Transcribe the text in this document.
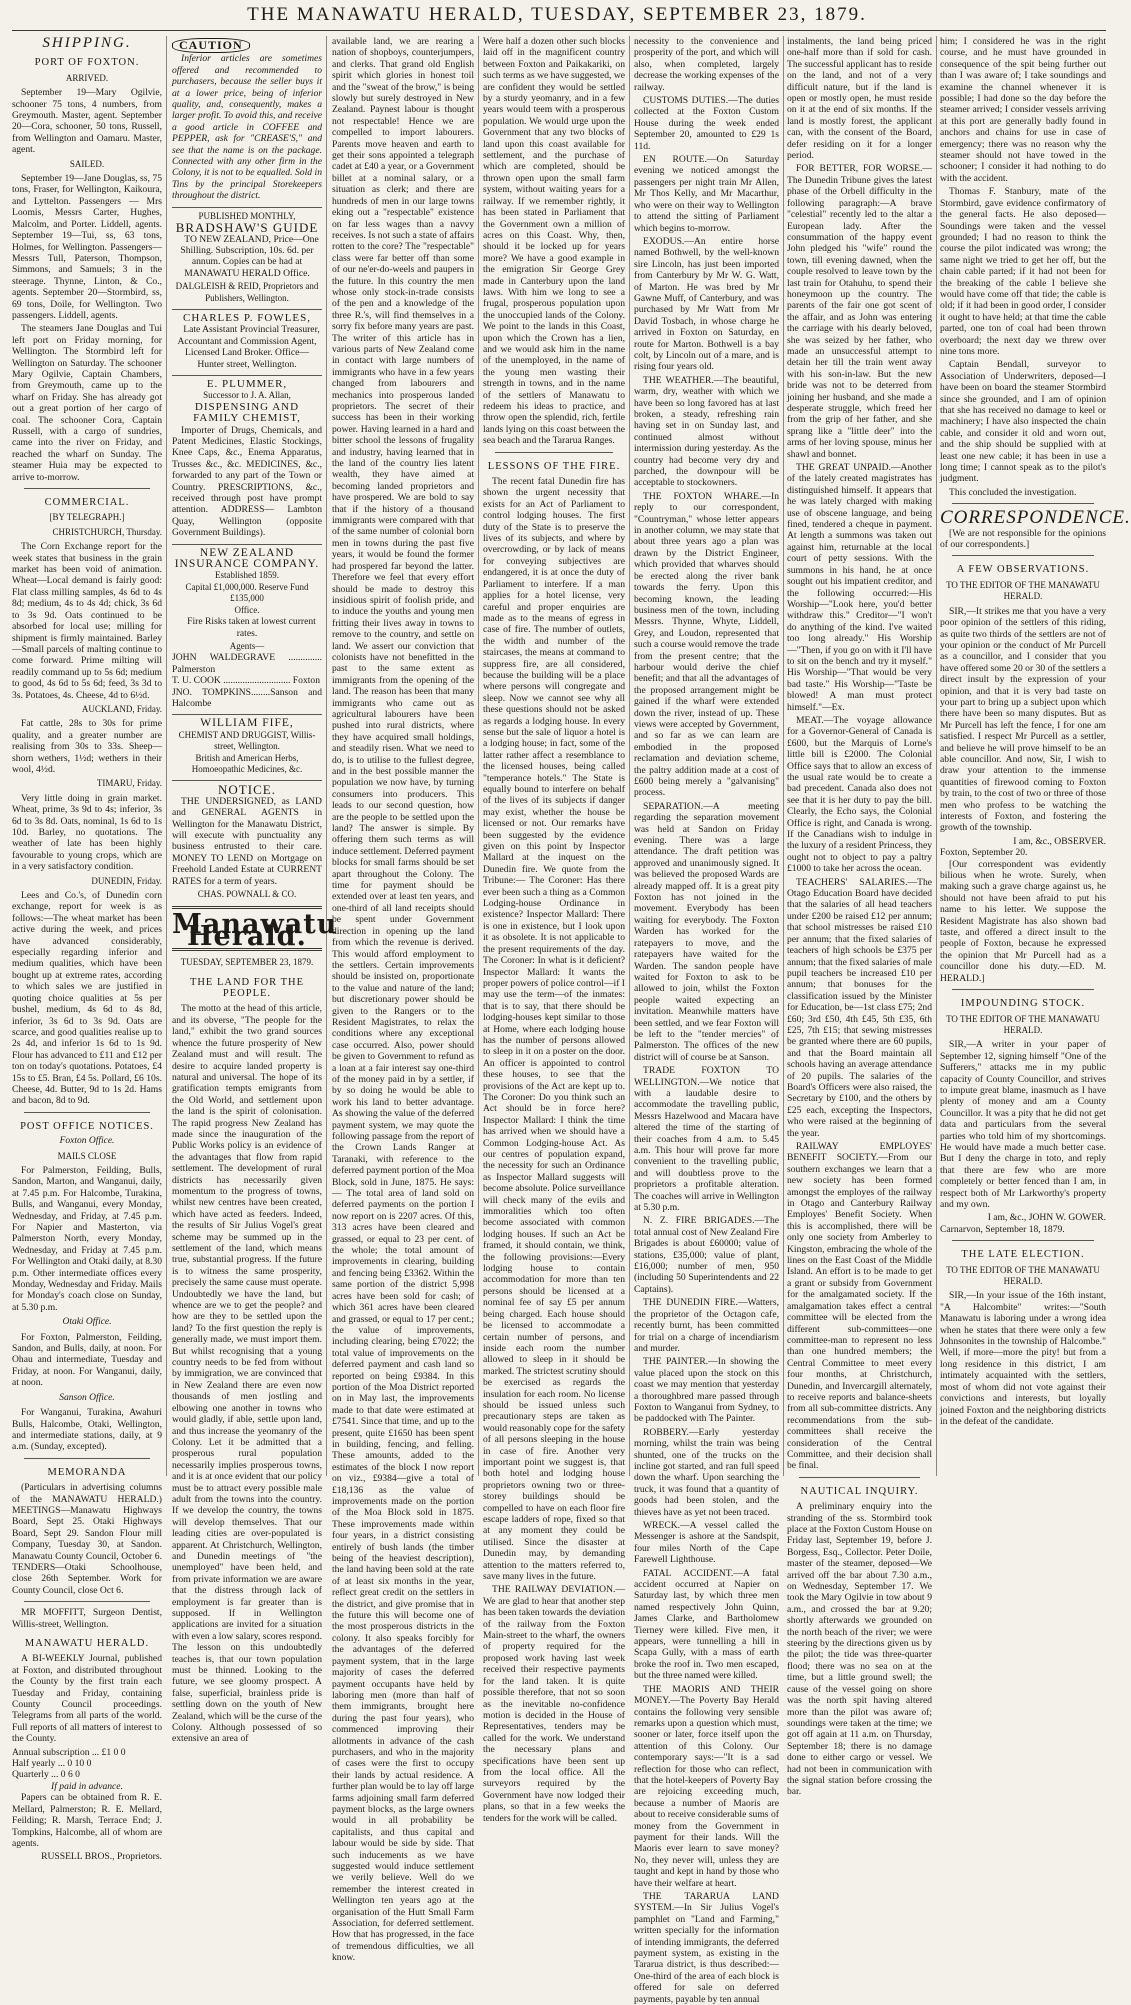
THE MANAWATU HERALD, TUESDAY, SEPTEMBER 23, 1879.
SHIPPING.
PORT OF FOXTON.
ARRIVED.

September 19—Mary Ogilvie, schooner 75 tons, 4 numbers, from Greymouth. Master, agent. September 20—Cora, schooner, 50 tons, Russell, from Wellington and Oamaru. Master, agent.

SAILED.

September 19—Jane Douglas, ss, 75 tons, Fraser, for Wellington, Kaikoura, and Lyttelton. Passengers — Mrs Loomis, Messrs Carter, Hughes, Malcolm, and Porter. Liddell, agents. September 19—Tui, ss, 63 tons, Holmes, for Wellington. Passengers—Messrs Tull, Paterson, Thompson, Simmons, and Samuels; 3 in the steerage. Thynne, Linton, & Co., agents. September 20—Stormbird, ss, 69 tons, Doile, for Wellington. Two passengers. Liddell, agents.

The steamers Jane Douglas and Tui left port on Friday morning, for Wellington. The Stormbird left for Wellington on Saturday. The schooner Mary Ogilvie, Captain Chambers, from Greymouth, came up to the wharf on Friday. She has already got out a great portion of her cargo of coal. The schooner Cora, Captain Russell, with a cargo of sundries, came into the river on Friday, and reached the wharf on Sunday. The steamer Huia may be expected to arrive to-morrow.

COMMERCIAL.
[BY TELEGRAPH.]
CHRISTCHURCH, Thursday.

The Corn Exchange report for the week states that business in the grain market has been void of animation. Wheat—Local demand is fairly good: Flat class milling samples, 4s 6d to 4s 8d; medium, 4s to 4s 4d; chick, 3s 6d to 3s 9d. Oats continued to be absorbed for local use; milling for shipment is firmly maintained. Barley—Small parcels of malting continue to come forward. Prime milting will readily command up to 5s 6d; medium to good, 4s 6d to 5s 6d; feed, 3s 3d to 3s. Potatoes, 4s. Cheese, 4d to 6½d.

AUCKLAND, Friday.

Fat cattle, 28s to 30s for prime quality, and a greater number are realising from 30s to 33s. Sheep—shorn wethers, 1½d; wethers in their wool, 4½d.

TIMARU, Friday.

Very little doing in grain market. Wheat, prime, 3s 9d to 4s; inferior, 3s 6d to 3s 8d. Oats, nominal, 1s 6d to 1s 10d. Barley, no quotations. The weather of late has been highly favourable to young crops, which are in a very satisfactory condition.

DUNEDIN, Friday.

Lees and Co.'s, of Dunedin corn exchange, report for week is as follows:—The wheat market has been active during the week, and prices have advanced considerably, especially regarding inferior and medium qualities, which have been bought up at extreme rates, according to which sales we are justified in quoting choice qualities at 5s per bushel, medium, 4s 6d to 4s 8d, inferior, 3s 6d to 3s 9d. Oats are scarce, and good qualities realise up to 2s 4d, and inferior 1s 6d to 1s 9d. Flour has advanced to £11 and £12 per ton on today's quotations. Potatoes, £4 15s to £5. Bran, £4 5s. Pollard, £6 10s. Cheese, 4d. Butter, 9d to 1s 2d. Hams and bacon, 8d to 9d.

POST OFFICE NOTICES.
Foxton Office.
MAILS CLOSE

For Palmerston, Feilding, Bulls, Sandon, Marton, and Wanganui, daily, at 7.45 p.m. For Halcombe, Turakina, Bulls, and Wanganui, every Monday, Wednesday, and Friday, at 7.45 p.m. For Napier and Masterton, via Palmerston North, every Monday, Wednesday, and Friday at 7.45 p.m. For Wellington and Otaki daily, at 8.30 p.m. Other intermediate offices every Monday, Wednesday and Friday. Mails for Monday's coach close on Sunday, at 5.30 p.m.

Otaki Office.

For Foxton, Palmerston, Feilding, Sandon, and Bulls, daily, at noon. For Ohau and intermediate, Tuesday and Friday, at noon. For Wanganui, daily, at noon.

Sanson Office.

For Wanganui, Turakina, Awahuri Bulls, Halcombe, Otaki, Wellington, and intermediate stations, daily, at 9 a.m. (Sunday, excepted).

MEMORANDA

(Particulars in advertising columns of the MANAWATU HERALD.) MEETINGS—Manawatu Highways Board, Sept 25. Otaki Highways Board, Sept 29. Sandon Flour mill Company, Tuesday 30, at Sandon. Manawatu County Council, October 6. TENDERS—Otaki Schoolhouse, close 26th September. Work for County Council, close Oct 6.

MR MOFFITT, Surgeon Dentist, Willis-street, Wellington.

MANAWATU HERALD.

A BI-WEEKLY Journal, published at Foxton, and distributed throughout the County by the first train each Tuesday and Friday, containing County Council proceedings. Telegrams from all parts of the world. Full reports of all matters of interest to the County.

Annual subscription ... £1 0 0
Half yearly ... 0 10 0
Quarterly ... 0 6 0
If paid in advance.

Papers can be obtained from R. E. Mellard, Palmerston; R. E. Mellard, Feilding; R. Marsh, Terrace End; J. Tompkins, Halcombe, all of whom are agents.

RUSSELL BROS., Proprietors.
CAUTION

Inferior articles are sometimes offered and recommended to purchasers, because the seller buys it at a lower price, being of inferior quality, and, consequently, makes a larger profit. To avoid this, and receive a good article in COFFEE and PEPPER, ask for "CREASE'S," and see that the name is on the package. Connected with any other firm in the Colony, it is not to be equalled. Sold in Tins by the principal Storekeepers throughout the district.

PUBLISHED MONTHLY,
BRADSHAW'S GUIDE

TO NEW ZEALAND, Price—One Shilling. Subscription, 10s. 6d. per annum. Copies can be had at MANAWATU HERALD Office.

DALGLEISH & REID, Proprietors and Publishers, Wellington.
CHARLES P. FOWLES,

Late Assistant Provincial Treasurer, Accountant and Commission Agent, Licensed Land Broker. Office—Hunter street, Wellington.

E. PLUMMER,
Successor to J. A. Allan,
DISPENSING AND FAMILY CHEMIST,

Importer of Drugs, Chemicals, and Patent Medicines, Elastic Stockings, Knee Caps, &c., Enema Apparatus, Trusses &c., &c. MEDICINES, &c., forwarded to any part of the Town or Country. PRESCRIPTIONS, &c., received through post have prompt attention. ADDRESS— Lambton Quay, Wellington (opposite Government Buildings).

NEW ZEALAND INSURANCE COMPANY.
Established 1859.
Capital £1,000,000. Reserve Fund £135,000
Office.

Fire Risks taken at lowest current rates.

Agents—
JOHN WALDEGRAVE .............. Palmerston
T. U. COOK ............................ Foxton
JNO. TOMPKINS........Sanson and Halcombe
WILLIAM FIFE,
CHEMIST AND DRUGGIST, Willis-street, Wellington.
British and American Herbs, Homoeopathic Medicines, &c.
NOTICE.

THE UNDERSIGNED, as LAND and GENERAL AGENTS in Wellington for the Manawatu District, will execute with punctuality any business entrusted to their care. MONEY TO LEND on Mortgage on Freehold Landed Estate at CURRENT RATES for a term of years.

CHAS. POWNALL & CO.
Manawatu Herald.
TUESDAY, SEPTEMBER 23, 1879.
THE LAND FOR THE PEOPLE.

The motto at the head of this article, and its obverse, "The people for the land," exhibit the two grand sources whence the future prosperity of New Zealand must and will result. The desire to acquire landed property is natural and universal. The hope of its gratification tempts emigrants from the Old World, and settlement upon the land is the spirit of colonisation. The rapid progress New Zealand has made since the inauguration of the Public Works policy is an evidence of the advantages that flow from rapid settlement. The development of rural districts has necessarily given momentum to the progress of towns, whilst new centres have been created, which have acted as feeders. Indeed, the results of Sir Julius Vogel's great scheme may be summed up in the settlement of the land, which means true, substantial progress. If the future is to witness the same prosperity, precisely the same cause must operate. Undoubtedly we have the land, but whence are we to get the people? and how are they to be settled upon the land? To the first question the reply is generally made, we must import them. But whilst recognising that a young country needs to be fed from without by immigration, we are convinced that in New Zealand there are even now thousands of men jostling and elbowing one another in towns who would gladly, if able, settle upon land, and thus increase the yeomanry of the Colony. Let it be admitted that a prosperous rural population necessarily implies prosperous towns, and it is at once evident that our policy must be to attract every possible male adult from the towns into the country. If we develop the country, the towns will develop themselves. That our leading cities are over-populated is apparent. At Christchurch, Wellington, and Dunedin meetings of "the unemployed" have been held, and from private information we are aware that the distress through lack of employment is far greater than is supposed. If in Wellington applications are invited for a situation with even a low salary, scores respond. The lesson on this undoubtedly teaches is, that our town population must be thinned. Looking to the future, we see gloomy prospect. A false, superficial, brainless pride is settling down on the youth of New Zealand, which will be the curse of the Colony. Although possessed of so extensive an area of

available land, we are rearing a nation of shopboys, counterjumpers, and clerks. That grand old English spirit which glories in honest toil and the "sweat of the brow," is being slowly but surely destroyed in New Zealand. Paynest labour is thought not respectable! Hence we are compelled to import labourers. Parents move heaven and earth to get their sons appointed a telegraph cadet at £40 a year, or a Government billet at a nominal salary, or a situation as clerk; and there are hundreds of men in our large towns eking out a "respectable" existence on far less wages than a navvy receives. Is not such a state of affairs rotten to the core? The "respectable" class were far better off than some of our ne'er-do-weels and paupers in the future. In this country the men whose only stock-in-trade consists of the pen and a knowledge of the three R.'s, will find themselves in a sorry fix before many years are past. The writer of this article has in various parts of New Zealand come in contact with large numbers of immigrants who have in a few years changed from labourers and mechanics into prosperous landed proprietors. The secret of their success has been in their working power. Having learned in a hard and bitter school the lessons of frugality and industry, having learned that in the land of the country lies latent wealth, they have aimed at becoming landed proprietors and have prospered. We are bold to say that if the history of a thousand immigrants were compared with that of the same number of colonial born men in towns during the past five years, it would be found the former had prospered far beyond the latter. Therefore we feel that every effort should be made to destroy this insidious spirit of foolish pride, and to induce the youths and young men fritting their lives away in towns to remove to the country, and settle on land. We assert our conviction that colonists have not benefitted in the past to the same extent as immigrants from the opening of the land. The reason has been that many immigrants who came out as agricultural labourers have been pushed into rural districts, where they have acquired small holdings, and steadily risen. What we need to do, is to utilise to the fullest degree, and in the best possible manner the population we now have, by turning consumers into producers. This leads to our second question, how are the people to be settled upon the land? The answer is simple. By offering them such terms as will induce settlement. Deferred payment blocks for small farms should be set apart throughout the Colony. The time for payment should be extended over at least ten years, and one-third of all land receipts should be spent under Government direction in opening up the land from which the revenue is derived. This would afford employment to the settlers. Certain improvements should be insisted on, proportionate to the value and nature of the land; but discretionary power should be given to the Rangers or to the Resident Magistrates, to relax the conditions where any exceptional case occurred. Also, power should be given to Government to refund as a loan at a fair interest say one-third of the money paid in by a settler, if by so doing he would be able to work his land to better advantage. As showing the value of the deferred payment system, we may quote the following passage from the report of the Crown Lands Ranger at Taranaki, with reference to the deferred payment portion of the Moa Block, sold in June, 1875. He says:— The total area of land sold on deferred payments on the portion I now report on is 2207 acres. Of this, 313 acres have been cleared and grassed, or equal to 23 per cent. of the whole; the total amount of improvements in clearing, building and fencing being £3362. Within the same portion of the district 5,998 acres have been sold for cash; of which 361 acres have been cleared and grassed, or equal to 17 per cent.; the value of improvements, including clearing, being £7022; the total value of improvements on the deferred payment and cash land so reported on being £9384. In this portion of the Moa District reported on in May last, the improvements made to that date were estimated at £7541. Since that time, and up to the present, quite £1650 has been spent in building, fencing, and felling. These amounts, added to the estimates of the block I now report on viz., £9384—give a total of £18,136 as the value of improvements made on the portion of the Moa Block sold in 1875. These improvements made within four years, in a district consisting entirely of bush lands (the timber being of the heaviest description), the land having been sold at the rate of at least six months in the year, reflect great credit on the settlers in the district, and give promise that in the future this will become one of the most prosperous districts in the colony. It also speaks forcibly for the advantages of the deferred payment system, that in the large majority of cases the deferred payment occupants have held by laboring men (more than half of them immigrants, brought here during the past four years), who commenced improving their allotments in advance of the cash purchasers, and who in the majority of cases were the first to occupy their lands by actual residence. A further plan would be to lay off large farms adjoining small farm deferred payment blocks, as the large owners would in all probability be capitalists, and thus capital and labour would be side by side. That such inducements as we have suggested would induce settlement we verily believe. Well do we remember the interest created in Wellington ten years ago at the organisation of the Hutt Small Farm Association, for deferred settlement. How that has progressed, in the face of tremendous difficulties, we all know.

Were half a dozen other such blocks laid off in the magnificent country between Foxton and Paikakariki, on such terms as we have suggested, we are confident they would be settled by a sturdy yeomanry, and in a few years would teem with a prosperous population. We would urge upon the Government that any two blocks of land upon this coast available for settlement, and the purchase of which are completed, should be thrown open upon the small farm system, without waiting years for a railway. If we remember rightly, it has been stated in Parliament that the Government own a million of acres on this Coast. Why, then, should it be locked up for years more? We have a good example in the emigration Sir George Grey made in Canterbury upon the land laws. With him we long to see a frugal, prosperous population upon the unoccupied lands of the Colony. We point to the lands in this Coast, upon which the Crown has a lien, and we would ask him in the name of the unemployed, in the name of the young men wasting their strength in towns, and in the name of the settlers of Manawatu to redeem his ideas to practice, and throw open the splendid, rich, fertile lands lying on this coast between the sea beach and the Tararua Ranges.

LESSONS OF THE FIRE.

The recent fatal Dunedin fire has shown the urgent necessity that exists for an Act of Parliament to control lodging houses. The first duty of the State is to preserve the lives of its subjects, and where by overcrowding, or by lack of means for conveying subjectives are endangered, it is at once the duty of Parliament to interfere. If a man applies for a hotel license, very careful and proper enquiries are made as to the means of egress in case of fire. The number of outlets, the width and number of the staircases, the means at command to suppress fire, are all considered, because the building will be a place where persons will congregate and sleep. Now we cannot see why all these questions should not be asked as regards a lodging house. In every sense but the sale of liquor a hotel is a lodging house; in fact, some of the latter rather affect a resemblance to the licensed houses, being called "temperance hotels." The State is equally bound to interfere on behalf of the lives of its subjects if danger may exist, whether the house be licensed or not. Our remarks have been suggested by the evidence given on this point by Inspector Mallard at the inquest on the Dunedin fire. We quote from the Tribune:— The Coroner: Has there ever been such a thing as a Common Lodging-house Ordinance in existence? Inspector Mallard: There is one in existence, but I look upon it as obsolete. It is not applicable to the present requirements of the day. The Coroner: In what is it deficient? Inspector Mallard: It wants the proper powers of police control—if I may use the term—of the inmates: that is to say, that there should be lodging-houses kept similar to those at Home, where each lodging house has the number of persons allowed to sleep in it on a poster on the door. An officer is appointed to control these houses, to see that the provisions of the Act are kept up to. The Coroner: Do you think such an Act should be in force here? Inspector Mallard: I think the time has arrived when we should have a Common Lodging-house Act. As our centres of population expand, the necessity for such an Ordinance as Inspector Mallard suggests will become absolute. Police surveillance will check many of the evils and immoralities which too often become associated with common lodging houses. If such an Act be framed, it should contain, we think, the following provisions:—Every lodging house to contain accommodation for more than ten persons should be licensed at a nominal fee of say £5 per annum being charged. Each house should be licensed to accommodate a certain number of persons, and inside each room the number allowed to sleep in it should be marked. The strictest scrutiny should be exercised as regards the insulation for each room. No license should be issued unless such precautionary steps are taken as would reasonably cope for the safety of all persons sleeping in the house in case of fire. Another very important point we suggest is, that both hotel and lodging house proprietors owning two or three-storey buildings should be compelled to have on each floor fire escape ladders of rope, fixed so that at any moment they could be utilised. Since the disaster at Dunedin may, by demanding attention to the matters referred to, save many lives in the future.

THE RAILWAY DEVIATION.—We are glad to hear that another step has been taken towards the deviation of the railway from the Foxton Main-street to the wharf, the owners of property required for the proposed work having last week received their respective payments for the land taken. It is quite possible therefore, that not so soon as the inevitable no-confidence motion is decided in the House of Representatives, tenders may be called for the work. We understand the necessary plans and specifications have been sent up from the local office. All the surveyors required by the Government have now lodged their plans, so that in a few weeks the tenders for the work will be called.

necessity to the convenience and prosperity of the port, and which will also, when completed, largely decrease the working expenses of the railway.

CUSTOMS DUTIES.—The duties collected at the Foxton Custom House during the week ended September 20, amounted to £29 1s 11d.

EN ROUTE.—On Saturday evening we noticed amongst the passengers per night train Mr Allen, Mr Thos Kelly, and Mr Macarthur, who were on their way to Wellington to attend the sitting of Parliament which begins to-morrow.

EXODUS.—An entire horse named Bothwell, by the well-known sire Lincoln, has just been imported from Canterbury by Mr W. G. Watt, of Marton. He was bred by Mr Gawne Muff, of Canterbury, and was purchased by Mr Watt from Mr David Tosbach, in whose charge he arrived in Foxton on Saturday, en route for Marton. Bothwell is a bay colt, by Lincoln out of a mare, and is rising four years old.

THE WEATHER.—The beautiful, warm, dry, weather with which we have been so long favored has at last broken, a steady, refreshing rain having set in on Sunday last, and continued almost without intermission during yesterday. As the country had become very dry and parched, the downpour will be acceptable to stockowners.

THE FOXTON WHARE.—In reply to our correspondent, "Countryman," whose letter appears in another column, we may state that about three years ago a plan was drawn by the District Engineer, which provided that wharves should be erected along the river bank towards the ferry. Upon this becoming known, the leading business men of the town, including Messrs. Thynne, Whyte, Liddell, Grey, and Loudon, represented that such a course would remove the trade from the present centre; that the harbour would derive the chief benefit; and that all the advantages of the proposed arrangement might be gained if the wharf were extended down the river, instead of up. These views were accepted by Government, and so far as we can learn are embodied in the proposed reclamation and deviation scheme, the paltry addition made at a cost of £600 being merely a "galvanising" process.

SEPARATION.—A meeting regarding the separation movement was held at Sandon on Friday evening. There was a large attendance. The draft petition was approved and unanimously signed. It was believed the proposed Wards are already mapped off. It is a great pity Foxton has not joined in the movement. Everybody has been waiting for everybody. The Foxton Warden has worked for the ratepayers to move, and the ratepayers have waited for the Warden. The sandon people have waited for Foxton to ask to be allowed to join, whilst the Foxton people waited expecting an invitation. Meanwhile matters have been settled, and we fear Foxton will be left to the "tender mercies" of Palmerston. The offices of the new district will of course be at Sanson.

TRADE FOXTON TO WELLINGTON.—We notice that with a laudable desire to accommodate the travelling public, Messrs Hazelwood and Macara have altered the time of the starting of their coaches from 4 a.m. to 5.45 a.m. This hour will prove far more convenient to the travelling public, and will doubtless prove to the proprietors a profitable alteration. The coaches will arrive in Wellington at 5.30 p.m.

N. Z. FIRE BRIGADES.—The total annual cost of New Zealand Fire Brigades is about £60000; value of stations, £35,000; value of plant, £16,000; number of men, 950 (including 50 Superintendents and 22 Captains).

THE DUNEDIN FIRE.—Watters, the proprietor of the Octagon cafe, recently burnt, has been committed for trial on a charge of incendiarism and murder.

THE PAINTER.—In showing the value placed upon the stock on this coast we may mention that yesterday a thoroughbred mare passed through Foxton to Wanganui from Sydney, to be paddocked with The Painter.

ROBBERY.—Early yesterday morning, whilst the train was being shunted, one of the trucks on the incline got started, and ran full speed down the wharf. Upon searching the truck, it was found that a quantity of goods had been stolen, and the thieves have as yet not been traced.

WRECK.—A vessel called the Messenger is ashore at the Sandspit, four miles North of the Cape Farewell Lighthouse.

FATAL ACCIDENT.—A fatal accident occurred at Napier on Saturday last, by which three men named respectively John Quinn, James Clarke, and Bartholomew Tierney were killed. Five men, it appears, were tunnelling a hill in Scapa Gully, with a mass of earth broke the roof in. Two men escaped, but the three named were killed.

THE MAORIS AND THEIR MONEY.—The Poverty Bay Herald contains the following very sensible remarks upon a question which must, sooner or later, force itself upon the attention of this Colony. Our contemporary says:—"It is a sad reflection for those who can reflect, that the hotel-keepers of Poverty Bay are rejoicing exceeding much, because a number of Maoris are about to receive considerable sums of money from the Government in payment for their lands. Will the Maoris ever learn to save money? No, they never will, unless they are taught and kept in hand by those who have their welfare at heart.

THE TARARUA LAND SYSTEM.—In Sir Julius Vogel's pamphlet on "Land and Farming," written specially for the information of intending immigrants, the deferred payment system, as existing in the Tararua district, is thus described:—One-third of the area of each block is offered for sale on deferred payments, payable by ten annual

instalments, the land being priced one-half more than if sold for cash. The successful applicant has to reside on the land, and not of a very difficult nature, but if the land is open or mostly open, he must reside on it at the end of six months. If the land is mostly forest, the applicant can, with the consent of the Board, defer residing on it for a longer period.

FOR BETTER, FOR WORSE.—The Dunedin Tribune gives the latest phase of the Orbell difficulty in the following paragraph:—A brave "celestial" recently led to the altar a European lady. After the consummation of the happy event John pledged his "wife" round the town, till evening dawned, when the couple resolved to leave town by the last train for Otahuhu, to spend their honeymoon up the country. The parents of the fair one got scent of the affair, and as John was entering the carriage with his dearly beloved, she was seized by her father, who made an unsuccessful attempt to detain her till the train went away with his son-in-law. But the new bride was not to be deterred from joining her husband, and she made a desperate struggle, which freed her from the grip of her father, and she sprang like a "little deer" into the arms of her loving spouse, minus her shawl and bonnet.

THE GREAT UNPAID.—Another of the lately created magistrates has distinguished himself. It appears that he was lately charged with making use of obscene language, and being fined, tendered a cheque in payment. At length a summons was taken out against him, returnable at the local court of petty sessions. With the summons in his hand, he at once sought out his impatient creditor, and the following occurred:—His Worship—"Look here, you'd better withdraw this." Creditor—"I won't do anything of the kind. I've waited too long already." His Worship—"Then, if you go on with it I'll have to sit on the bench and try it myself." His Worship—"That would be very bad taste." His Worship—"Taste be blowed! A man must protect himself."—Ex.

MEAT.—The voyage allowance for a Governor-General of Canada is £600, but the Marquis of Lorne's little bill is £2000. The Colonial Office says that to allow an excess of the usual rate would be to create a bad precedent. Canada also does not see that it is her duty to pay the bill. Clearly, the Echo says, the Colonial Office is right, and Canada is wrong. If the Canadians wish to indulge in the luxury of a resident Princess, they ought not to object to pay a paltry £1000 to take her across the ocean.

TEACHERS' SALARIES.—The Otago Education Board have decided that the salaries of all head teachers under £200 be raised £12 per annum; that school mistresses be raised £10 per annum; that the fixed salaries of teachers of high schools be £375 per annum; that the fixed salaries of male pupil teachers be increased £10 per annum; that bonuses for the classification issued by the Minister for Education, be—1st class £75; 2nd £60; 3rd £50, 4th £45, 5th £35, 6th £25, 7th £15; that sewing mistresses be granted where there are 60 pupils, and that the Board maintain all schools having an average attendance of 20 pupils. The salaries of the Board's Officers were also raised, the Secretary by £100, and the others by £25 each, excepting the Inspectors, who were raised at the beginning of the year.

RAILWAY EMPLOYES' BENEFIT SOCIETY.—From our southern exchanges we learn that a new society has been formed amongst the employes of the railway in Otago and Canterbury Railway Employes' Benefit Society. When this is accomplished, there will be only one society from Amberley to Kingston, embracing the whole of the lines on the East Coast of the Middle Island. An effort is to be made to get a grant or subsidy from Government for the amalgamated society. If the amalgamation takes effect a central committee will be elected from the different sub-committees—one committee-man to represent no less than one hundred members; the Central Committee to meet every four months, at Christchurch, Dunedin, and Invercargill alternately, to receive reports and balance-sheets from all sub-committee districts. Any recommendations from the sub-committees shall receive the consideration of the Central Committee, and their decision shall be final.

NAUTICAL INQUIRY.

A preliminary enquiry into the stranding of the ss. Stormbird took place at the Foxton Custom House on Friday last, September 19, before J. Borgess, Esq., Collector. Peter Doile, master of the steamer, deposed—We arrived off the bar about 7.30 a.m., on Wednesday, September 17. We took the Mary Ogilvie in tow about 9 a.m., and crossed the bar at 9.20; shortly afterwards we grounded on the north beach of the river; we were steering by the directions given us by the pilot; the tide was three-quarter flood; there was no sea on at the time, but a little ground swell; the cause of the vessel going on shore was the north spit having altered more than the pilot was aware of; soundings were taken at the time; we got off again at 11 a.m. on Thursday, September 18; there is no damage done to either cargo or vessel. We had not been in communication with the signal station before crossing the bar.

him; I considered he was in the right course, and he must have grounded in consequence of the spit being further out than I was aware of; I take soundings and examine the channel whenever it is possible; I had done so the day before the steamer arrived; I consider vessels arriving at this port are generally badly found in anchors and chains for use in case of emergency; there was no reason why the steamer should not have towed in the schooner; I consider it had nothing to do with the accident.

Thomas F. Stanbury, mate of the Stormbird, gave evidence confirmatory of the general facts. He also deposed—Soundings were taken and the vessel grounded; I had no reason to think the course the pilot indicated was wrong; the same night we tried to get her off, but the chain cable parted; if it had not been for the breaking of the cable I believe she would have come off that tide; the cable is old; if it had been in good order, I consider it ought to have held; at that time the cable parted, one ton of coal had been thrown overboard; the next day we threw over nine tons more.

Captain Bendall, surveyor to Association of Underwriters, deposed—I have been on board the steamer Stormbird since she grounded, and I am of opinion that she has received no damage to keel or machinery; I have also inspected the chain cable, and consider it old and worn out, and the ship should be supplied with at least one new cable; it has been in use a long time; I cannot speak as to the pilot's judgment.

This concluded the investigation.

CORRESPONDENCE.

[We are not responsible for the opinions of our correspondents.]

A FEW OBSERVATIONS.
TO THE EDITOR OF THE MANAWATU HERALD.

SIR,—It strikes me that you have a very poor opinion of the settlers of this riding, as quite two thirds of the settlers are not of your opinion or the conduct of Mr Purcell as a councillor, and I consider that you have offered some 20 or 30 of the settlers a direct insult by the expression of your opinion, and that it is very bad taste on your part to bring up a subject upon which there have been so many disputes. But as Mr Purcell has left the fence, I for one am satisfied. I respect Mr Purcell as a settler, and believe he will prove himself to be an able councillor. And now, Sir, I wish to draw your attention to the immense quantities of firewood coming to Foxton by train, to the cost of two or three of those men who profess to be watching the interests of Foxton, and fostering the growth of the township.

I am, &c., OBSERVER.
Foxton, September 20.

[Our correspondent was evidently bilious when he wrote. Surely, when making such a grave charge against us, he should not have been afraid to put his name to his letter. We suppose the Resident Magistrate has also shown bad taste, and offered a direct insult to the people of Foxton, because he expressed the opinion that Mr Purcell had as a councillor done his duty.—ED. M. HERALD.]

IMPOUNDING STOCK.
TO THE EDITOR OF THE MANAWATU HERALD.

SIR,—A writer in your paper of September 12, signing himself "One of the Sufferers," attacks me in my public capacity of County Councillor, and strives to impute great blame, inasmuch as I have plenty of money and am a County Councillor. It was a pity that he did not get data and particulars from the several parties who told him of my shortcomings. He would have made a much better case. But I deny the charge in toto, and reply that there are few who are more completely or better fenced than I am, in respect both of Mr Larkworthy's property and my own.

I am, &c., JOHN W. GOWER.
Carnarvon, September 18, 1879.
THE LATE ELECTION.
TO THE EDITOR OF THE MANAWATU HERALD.

SIR,—In your issue of the 16th instant, "A Halcombite" writes:—"South Manawatu is laboring under a wrong idea when he states that there were only a few Johnsonites in the township of Halcombe." Well, if more—more the pity! but from a long residence in this district, I am intimately acquainted with the settlers, most of whom did not vote against their convictions and interests, but loyally joined Foxton and the neighboring districts in the defeat of the candidate.
